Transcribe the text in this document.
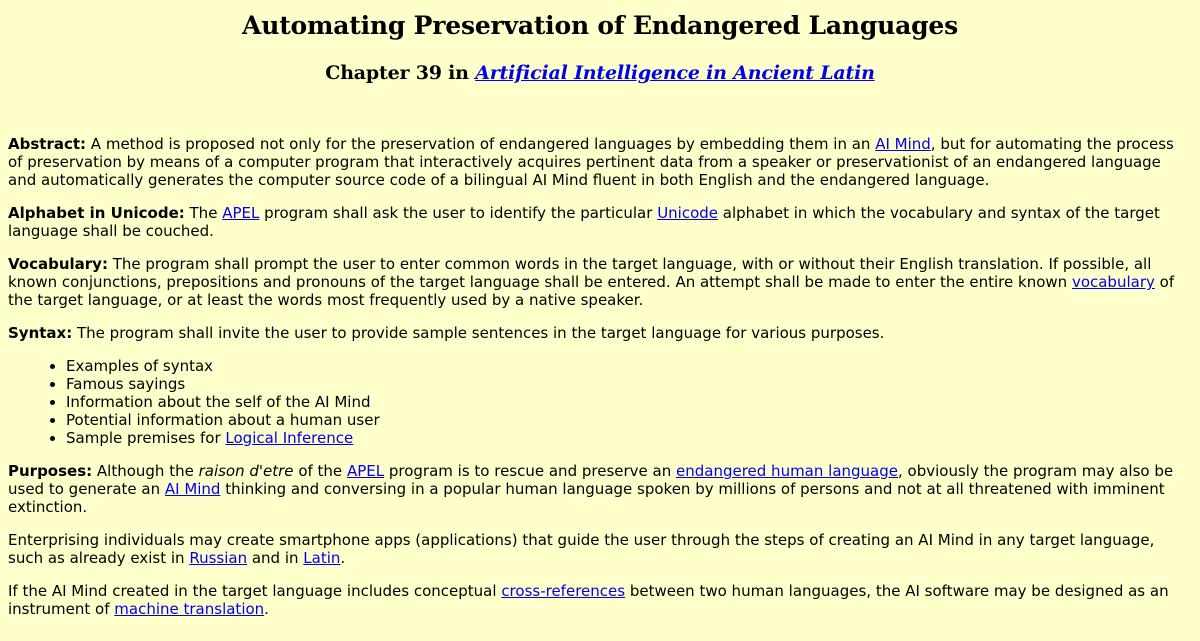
Automating Preservation of Endangered Languages
Chapter 39 in Artificial Intelligence in Ancient Latin

Abstract: A method is proposed not only for the preservation of endangered languages by embedding them in an AI Mind, but for automating the process of preservation by means of a computer program that interactively acquires pertinent data from a speaker or preservationist of an endangered language and automatically generates the computer source code of a bilingual AI Mind fluent in both English and the endangered language.

Alphabet in Unicode: The APEL program shall ask the user to identify the particular Unicode alphabet in which the vocabulary and syntax of the target language shall be couched.

Vocabulary: The program shall prompt the user to enter common words in the target language, with or without their English translation. If possible, all known conjunctions, prepositions and pronouns of the target language shall be entered. An attempt shall be made to enter the entire known vocabulary of the target language, or at least the words most frequently used by a native speaker.

Syntax: The program shall invite the user to provide sample sentences in the target language for various purposes.

• Examples of syntax
• Famous sayings
• Information about the self of the AI Mind
• Potential information about a human user
• Sample premises for Logical Inference

Purposes: Although the raison d'etre of the APEL program is to rescue and preserve an endangered human language, obviously the program may also be used to generate an AI Mind thinking and conversing in a popular human language spoken by millions of persons and not at all threatened with imminent extinction.

Enterprising individuals may create smartphone apps (applications) that guide the user through the steps of creating an AI Mind in any target language, such as already exist in Russian and in Latin.

If the AI Mind created in the target language includes conceptual cross-references between two human languages, the AI software may be designed as an instrument of machine translation.
